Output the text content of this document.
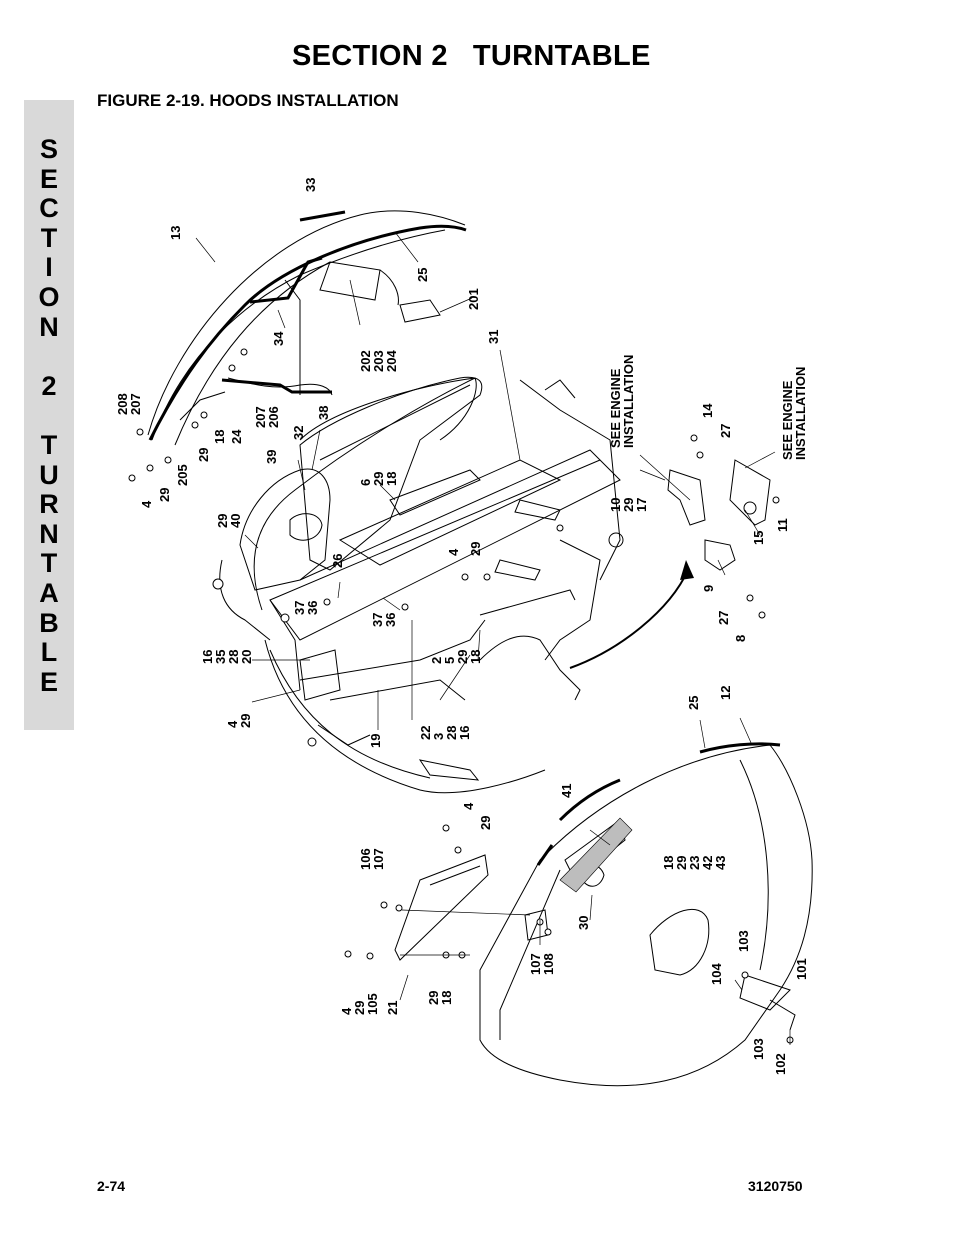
SECTION 2   TURNTABLE
FIGURE 2-19. HOODS INSTALLATION
S
E
C
T
I
O
N
2
T
U
R
N
T
A
B
L
E
13
33
25
201
202203204
34
208207
207206
24
18
29
205
4
29
32
38
31
39
62918
2940
SEE ENGINEINSTALLATION	SEE ENGINEINSTALLATION
14
27
102917
4 29
26
3736
3736
16352820	252918
429
19
2232816
15
11
9
27
8
25
12
41
4
29
106107	1829234243
30
107108
429105 21
2918
104
103
101
103
102
2-74	3120750
